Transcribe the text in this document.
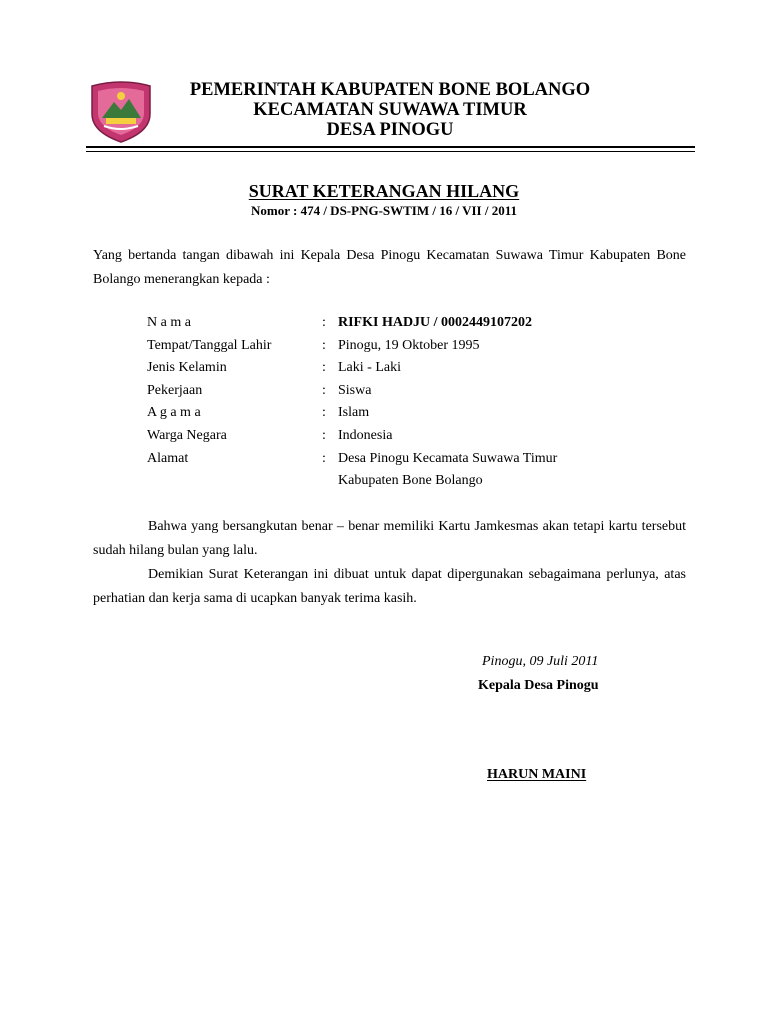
PEMERINTAH KABUPATEN BONE BOLANGO
KECAMATAN SUWAWA TIMUR
DESA PINOGU
SURAT KETERANGAN HILANG
Nomor : 474 / DS-PNG-SWTIM / 16 / VII / 2011
Yang bertanda tangan dibawah ini Kepala Desa Pinogu Kecamatan Suwawa Timur Kabupaten Bone Bolango menerangkan kepada :
N a m a	:	RIFKI HADJU / 0002449107202
Tempat/Tanggal Lahir	:	Pinogu, 19 Oktober 1995
Jenis Kelamin	:	Laki - Laki
Pekerjaan	:	Siswa
A g a m a	:	Islam
Warga Negara	:	Indonesia
Alamat	:	Desa Pinogu Kecamata Suwawa Timur
		Kabupaten Bone Bolango
Bahwa yang bersangkutan benar – benar memiliki Kartu Jamkesmas akan tetapi kartu tersebut sudah hilang bulan yang lalu.
Demikian Surat Keterangan ini dibuat untuk dapat dipergunakan sebagaimana perlunya, atas perhatian dan kerja sama di ucapkan banyak terima kasih.
Pinogu, 09 Juli 2011
Kepala Desa Pinogu
HARUN MAINI
